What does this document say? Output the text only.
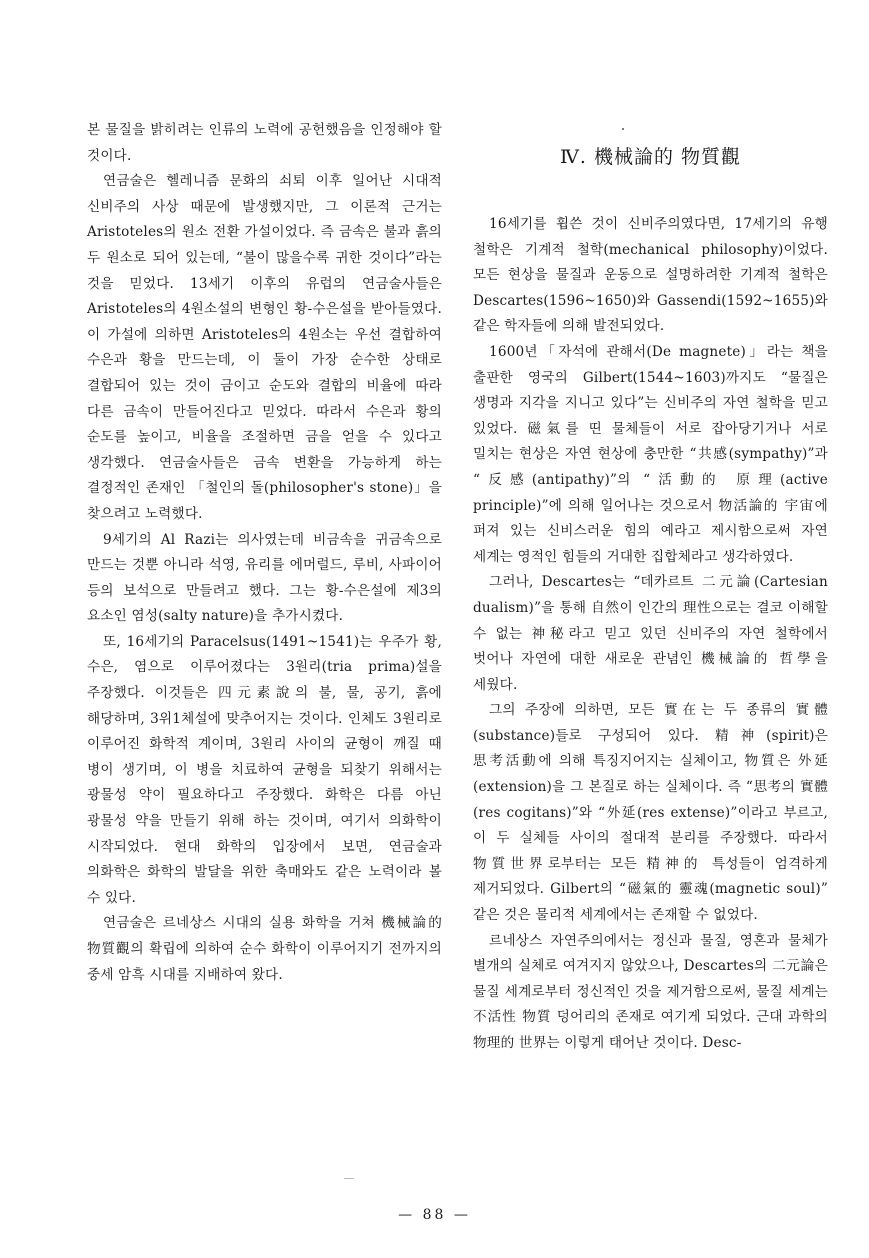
본 물질을 밝히려는 인류의 노력에 공헌했음을 인정해야 할 것이다.

연금술은 헬레니즘 문화의 쇠퇴 이후 일어난 시대적 신비주의 사상 때문에 발생했지만, 그 이론적 근거는 Aristoteles의 원소 전환 가설이었다. 즉 금속은 불과 흙의 두 원소로 되어 있는데, “불이 많을수록 귀한 것이다”라는 것을 믿었다. 13세기 이후의 유럽의 연금술사들은 Aristoteles의 4원소설의 변형인 황-수은설을 받아들였다. 이 가설에 의하면 Aristoteles의 4원소는 우선 결합하여 수은과 황을 만드는데, 이 둘이 가장 순수한 상태로 결합되어 있는 것이 금이고 순도와 결합의 비율에 따라 다른 금속이 만들어진다고 믿었다. 따라서 수은과 황의 순도를 높이고, 비율을 조절하면 금을 얻을 수 있다고 생각했다. 연금술사들은 금속 변환을 가능하게 하는 결정적인 존재인 「철인의 돌(philosopher's stone)」을 찾으려고 노력했다.

9세기의 Al Razi는 의사였는데 비금속을 귀금속으로 만드는 것뿐 아니라 석영, 유리를 에머럴드, 루비, 사파이어 등의 보석으로 만들려고 했다. 그는 황-수은설에 제3의 요소인 염성(salty nature)을 추가시켰다.

또, 16세기의 Paracelsus(1491~1541)는 우주가 황, 수은, 염으로 이루어졌다는 3원리(tria prima)설을 주장했다. 이것들은 四元素說의 불, 물, 공기, 흙에 해당하며, 3위1체설에 맞추어지는 것이다. 인체도 3원리로 이루어진 화학적 계이며, 3원리 사이의 균형이 깨질 때 병이 생기며, 이 병을 치료하여 균형을 되찾기 위해서는 광물성 약이 필요하다고 주장했다. 화학은 다름 아닌 광물성 약을 만들기 위해 하는 것이며, 여기서 의화학이 시작되었다. 현대 화학의 입장에서 보면, 연금술과 의화학은 화학의 발달을 위한 축매와도 같은 노력이라 볼 수 있다.

연금술은 르네상스 시대의 실용 화학을 거쳐 機械論的 物質觀의 확립에 의하여 순수 화학이 이루어지기 전까지의 중세 암흑 시대를 지배하여 왔다.

Ⅳ. 機械論的 物質觀

16세기를 휩쓴 것이 신비주의였다면, 17세기의 유행 철학은 기계적 철학(mechanical philosophy)이었다. 모든 현상을 물질과 운동으로 설명하려한 기계적 철학은 Descartes(1596~1650)와 Gassendi(1592~1655)와 같은 학자들에 의해 발전되었다.

1600년「자석에 관해서(De magnete)」라는 책을 출판한 영국의 Gilbert(1544~1603)까지도 “물질은 생명과 지각을 지니고 있다”는 신비주의 자연 철학을 믿고 있었다. 磁氣를 띤 물체들이 서로 잡아당기거나 서로 밀치는 현상은 자연 현상에 충만한 “共感(sympathy)”과 “反感(antipathy)”의 “活動的 原理(active principle)”에 의해 일어나는 것으로서 物活論的 宇宙에 퍼져 있는 신비스러운 힘의 예라고 제시함으로써 자연 세계는 영적인 힘들의 거대한 집합체라고 생각하였다.

그러나, Descartes는 “데카르트 二元論(Cartesian dualism)”을 통해 自然이 인간의 理性으로는 결코 이해할 수 없는 神秘라고 믿고 있던 신비주의 자연 철학에서 벗어나 자연에 대한 새로운 관념인 機械論的 哲學을 세웠다.

그의 주장에 의하면, 모든 實在는 두 종류의 實體(substance)들로 구성되어 있다. 精神(spirit)은 思考活動에 의해 특징지어지는 실체이고, 物質은 外延(extension)을 그 본질로 하는 실체이다. 즉 “思考의 實體(res cogitans)”와 “外延(res extense)”이라고 부르고, 이 두 실체들 사이의 절대적 분리를 주장했다. 따라서 物質世界로부터는 모든 精神的 특성들이 엄격하게 제거되었다. Gilbert의 “磁氣的 靈魂(magnetic soul)” 같은 것은 물리적 세계에서는 존재할 수 없었다.

르네상스 자연주의에서는 정신과 물질, 영혼과 물체가 별개의 실체로 여겨지지 않았으나, Descartes의 二元論은 물질 세계로부터 정신적인 것을 제거함으로써, 물질 세계는 不活性 物質 덩어리의 존재로 여기게 되었다. 근대 과학의 物理的 世界는 이렇게 태어난 것이다. Desc-

— 88 —
